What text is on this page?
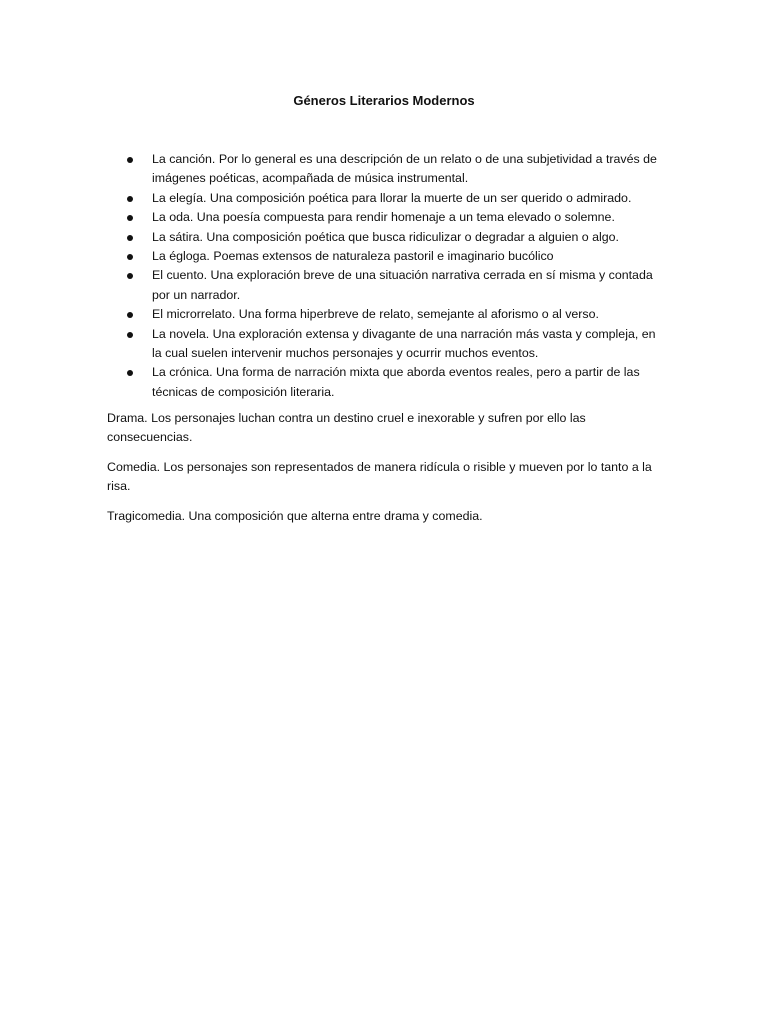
Géneros Literarios Modernos
La canción. Por lo general es una descripción de un relato o de una subjetividad a través de imágenes poéticas, acompañada de música instrumental.
La elegía. Una composición poética para llorar la muerte de un ser querido o admirado.
La oda. Una poesía compuesta para rendir homenaje a un tema elevado o solemne.
La sátira. Una composición poética que busca ridiculizar o degradar a alguien o algo.
La égloga. Poemas extensos de naturaleza pastoril e imaginario bucólico
El cuento. Una exploración breve de una situación narrativa cerrada en sí misma y contada por un narrador.
El microrrelato. Una forma hiperbreve de relato, semejante al aforismo o al verso.
La novela. Una exploración extensa y divagante de una narración más vasta y compleja, en la cual suelen intervenir muchos personajes y ocurrir muchos eventos.
La crónica. Una forma de narración mixta que aborda eventos reales, pero a partir de las técnicas de composición literaria.

Drama. Los personajes luchan contra un destino cruel e inexorable y sufren por ello las consecuencias.

Comedia. Los personajes son representados de manera ridícula o risible y mueven por lo tanto a la risa.

Tragicomedia. Una composición que alterna entre drama y comedia.
